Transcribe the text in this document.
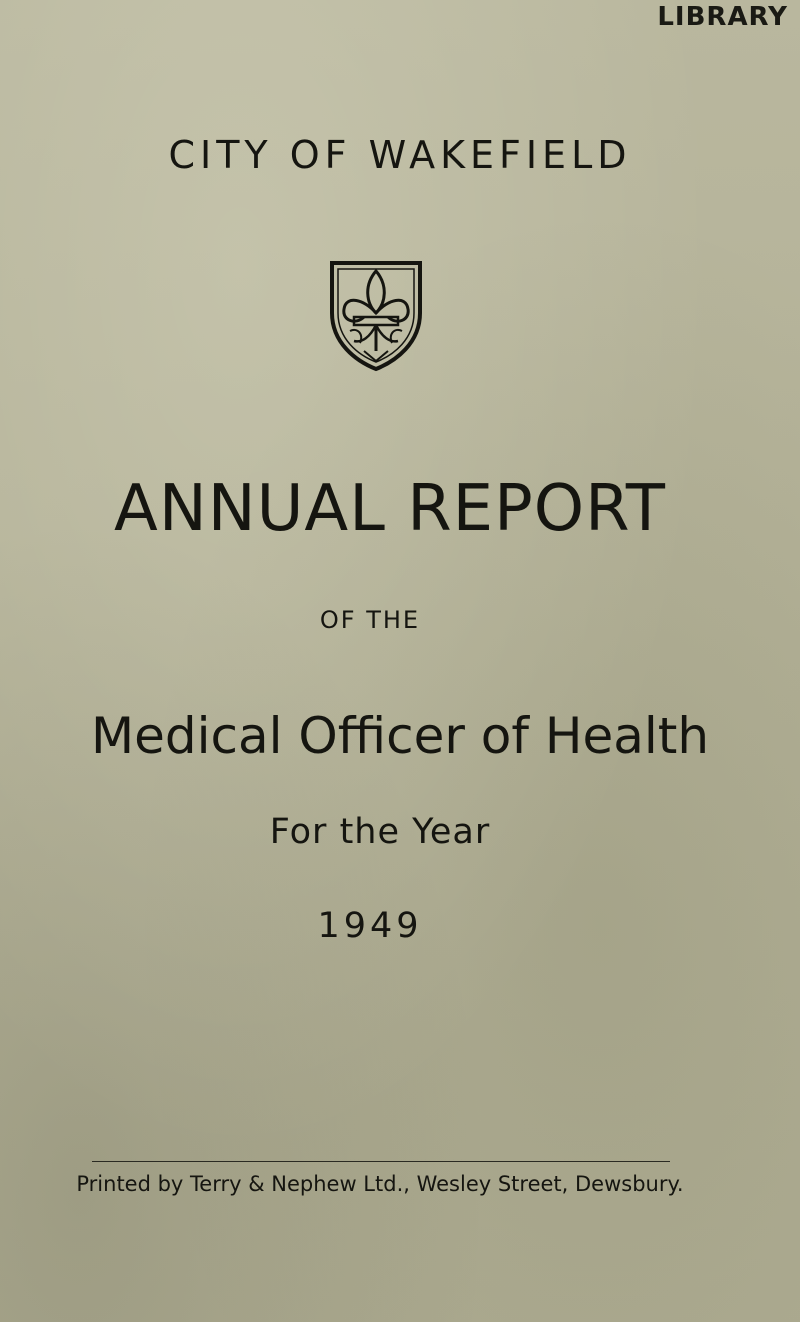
LIBRARY
CITY OF WAKEFIELD
ANNUAL REPORT
OF THE
Medical Officer of Health
For the Year
1949
Printed by Terry & Nephew Ltd., Wesley Street, Dewsbury.
